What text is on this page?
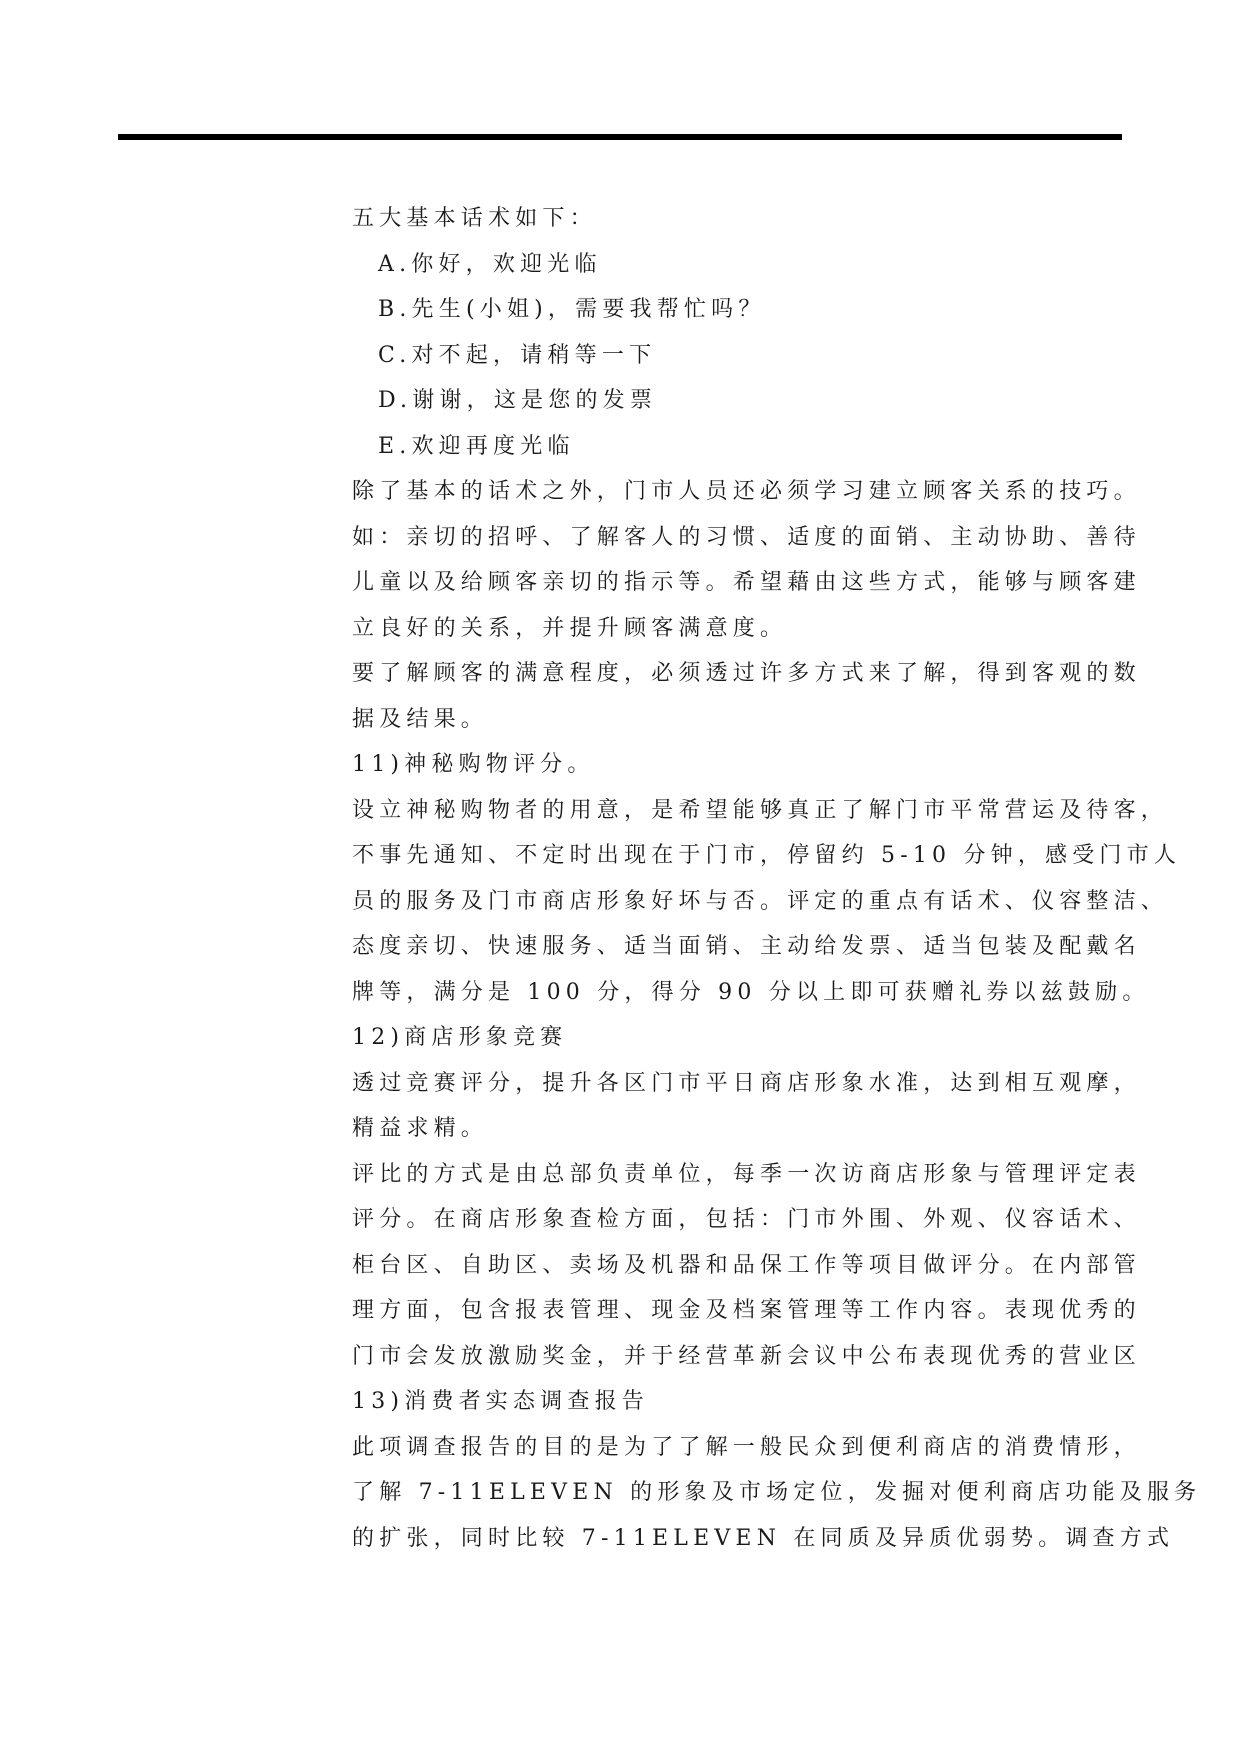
五大基本话术如下：
A.你好，欢迎光临
B.先生(小姐)，需要我帮忙吗？
C.对不起，请稍等一下
D.谢谢，这是您的发票
E.欢迎再度光临
除了基本的话术之外，门市人员还必须学习建立顾客关系的技巧。
如：亲切的招呼、了解客人的习惯、适度的面销、主动协助、善待
儿童以及给顾客亲切的指示等。希望藉由这些方式，能够与顾客建
立良好的关系，并提升顾客满意度。
要了解顾客的满意程度，必须透过许多方式来了解，得到客观的数
据及结果。
11)神秘购物评分。
设立神秘购物者的用意，是希望能够真正了解门市平常营运及待客，
不事先通知、不定时出现在于门市，停留约 5-10 分钟，感受门市人
员的服务及门市商店形象好坏与否。评定的重点有话术、仪容整洁、
态度亲切、快速服务、适当面销、主动给发票、适当包装及配戴名
牌等，满分是 100 分，得分 90 分以上即可获赠礼券以兹鼓励。
12)商店形象竞赛
透过竞赛评分，提升各区门市平日商店形象水准，达到相互观摩，
精益求精。
评比的方式是由总部负责单位，每季一次访商店形象与管理评定表
评分。在商店形象查检方面，包括：门市外围、外观、仪容话术、
柜台区、自助区、卖场及机器和品保工作等项目做评分。在内部管
理方面，包含报表管理、现金及档案管理等工作内容。表现优秀的
门市会发放激励奖金，并于经营革新会议中公布表现优秀的营业区
13)消费者实态调查报告
此项调查报告的目的是为了了解一般民众到便利商店的消费情形，
了解 7-11ELEVEN 的形象及市场定位，发掘对便利商店功能及服务
的扩张，同时比较 7-11ELEVEN 在同质及异质优弱势。调查方式
